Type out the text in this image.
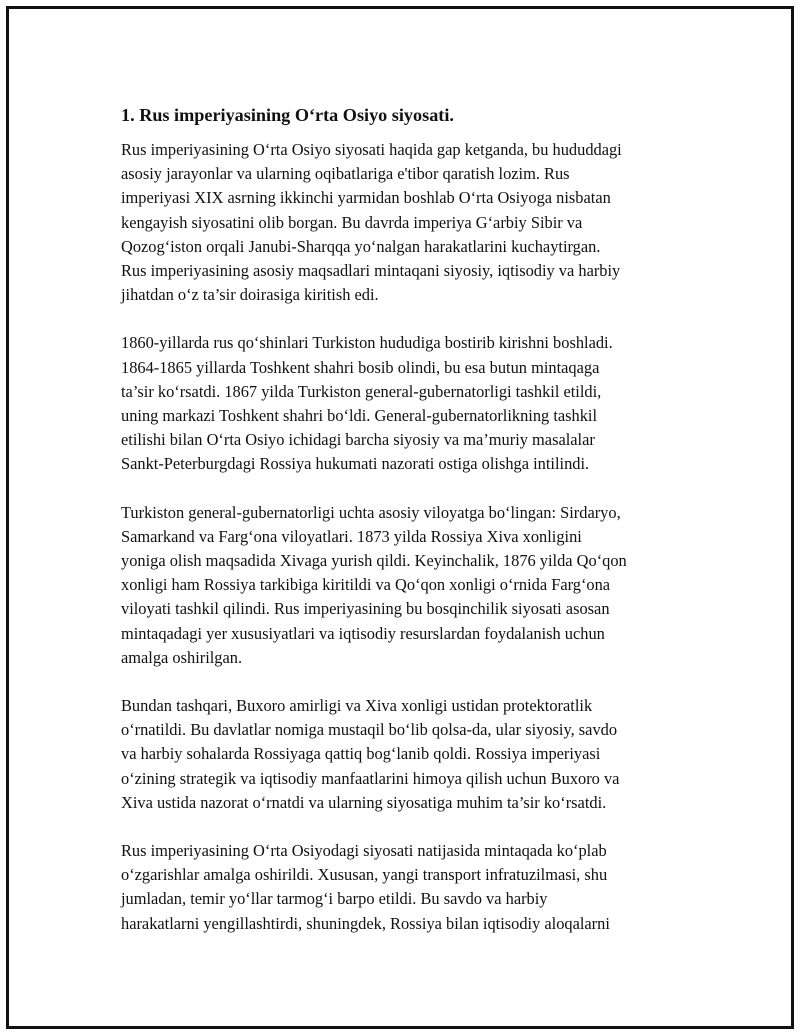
1. Rus imperiyasining O‘rta Osiyo siyosati.

Rus imperiyasining O‘rta Osiyo siyosati haqida gap ketganda, bu hududdagi
asosiy jarayonlar va ularning oqibatlariga e'tibor qaratish lozim. Rus
imperiyasi XIX asrning ikkinchi yarmidan boshlab O‘rta Osiyoga nisbatan
kengayish siyosatini olib borgan. Bu davrda imperiya G‘arbiy Sibir va
Qozog‘iston orqali Janubi-Sharqqa yo‘nalgan harakatlarini kuchaytirgan.
Rus imperiyasining asosiy maqsadlari mintaqani siyosiy, iqtisodiy va harbiy
jihatdan o‘z ta’sir doirasiga kiritish edi.

1860-yillarda rus qo‘shinlari Turkiston hududiga bostirib kirishni boshladi.
1864-1865 yillarda Toshkent shahri bosib olindi, bu esa butun mintaqaga
ta’sir ko‘rsatdi. 1867 yilda Turkiston general-gubernatorligi tashkil etildi,
uning markazi Toshkent shahri bo‘ldi. General-gubernatorlikning tashkil
etilishi bilan O‘rta Osiyo ichidagi barcha siyosiy va ma’muriy masalalar
Sankt-Peterburgdagi Rossiya hukumati nazorati ostiga olishga intilindi.

Turkiston general-gubernatorligi uchta asosiy viloyatga bo‘lingan: Sirdaryo,
Samarkand va Farg‘ona viloyatlari. 1873 yilda Rossiya Xiva xonligini
yoniga olish maqsadida Xivaga yurish qildi. Keyinchalik, 1876 yilda Qo‘qon
xonligi ham Rossiya tarkibiga kiritildi va Qo‘qon xonligi o‘rnida Farg‘ona
viloyati tashkil qilindi. Rus imperiyasining bu bosqinchilik siyosati asosan
mintaqadagi yer xususiyatlari va iqtisodiy resurslardan foydalanish uchun
amalga oshirilgan.

Bundan tashqari, Buxoro amirligi va Xiva xonligi ustidan protektoratlik
o‘rnatildi. Bu davlatlar nomiga mustaqil bo‘lib qolsa-da, ular siyosiy, savdo
va harbiy sohalarda Rossiyaga qattiq bog‘lanib qoldi. Rossiya imperiyasi
o‘zining strategik va iqtisodiy manfaatlarini himoya qilish uchun Buxoro va
Xiva ustida nazorat o‘rnatdi va ularning siyosatiga muhim ta’sir ko‘rsatdi.

Rus imperiyasining O‘rta Osiyodagi siyosati natijasida mintaqada ko‘plab
o‘zgarishlar amalga oshirildi. Xususan, yangi transport infratuzilmasi, shu
jumladan, temir yo‘llar tarmog‘i barpo etildi. Bu savdo va harbiy
harakatlarni yengillashtirdi, shuningdek, Rossiya bilan iqtisodiy aloqalarni
